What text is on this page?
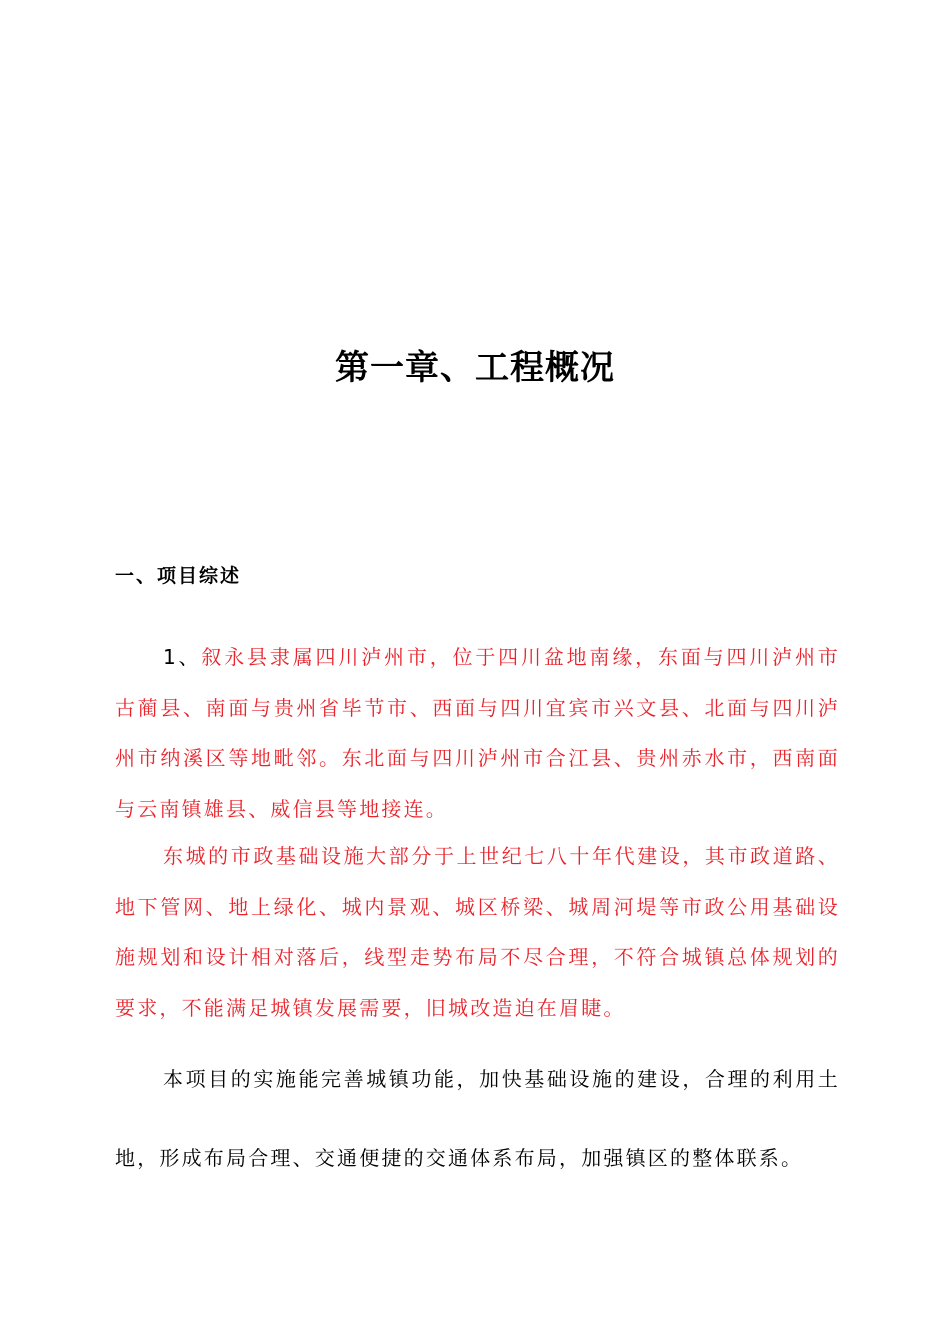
第一章、工程概况
一、项目综述

1、叙永县隶属四川泸州市，位于四川盆地南缘，东面与四川泸州市古蔺县、南面与贵州省毕节市、西面与四川宜宾市兴文县、北面与四川泸州市纳溪区等地毗邻。东北面与四川泸州市合江县、贵州赤水市，西南面与云南镇雄县、威信县等地接连。

东城的市政基础设施大部分于上世纪七八十年代建设，其市政道路、地下管网、地上绿化、城内景观、城区桥梁、城周河堤等市政公用基础设施规划和设计相对落后，线型走势布局不尽合理，不符合城镇总体规划的要求，不能满足城镇发展需要，旧城改造迫在眉睫。

本项目的实施能完善城镇功能，加快基础设施的建设，合理的利用土地，形成布局合理、交通便捷的交通体系布局，加强镇区的整体联系。
